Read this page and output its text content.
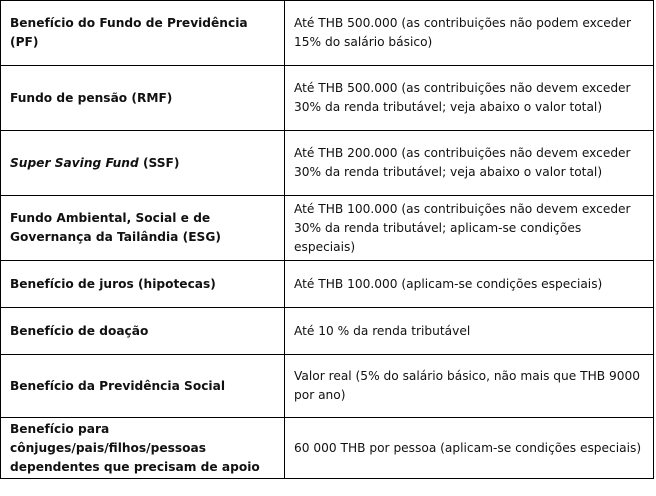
Benefício do Fundo de Previdência (PF)	Até THB 500.000 (as contribuições não podem exceder 15% do salário básico)
Fundo de pensão (RMF)	Até THB 500.000 (as contribuições não devem exceder 30% da renda tributável; veja abaixo o valor total)
Super Saving Fund (SSF)	Até THB 200.000 (as contribuições não devem exceder 30% da renda tributável; veja abaixo o valor total)
Fundo Ambiental, Social e de Governança da Tailândia (ESG)	Até THB 100.000 (as contribuições não devem exceder 30% da renda tributável; aplicam-se condições especiais)
Benefício de juros (hipotecas)	Até THB 100.000 (aplicam-se condições especiais)
Benefício de doação	Até 10 % da renda tributável
Benefício da Previdência Social	Valor real (5% do salário básico, não mais que THB 9000 por ano)
Benefício para cônjuges/pais/filhos/pessoas dependentes que precisam de apoio	60 000 THB por pessoa (aplicam-se condições especiais)
